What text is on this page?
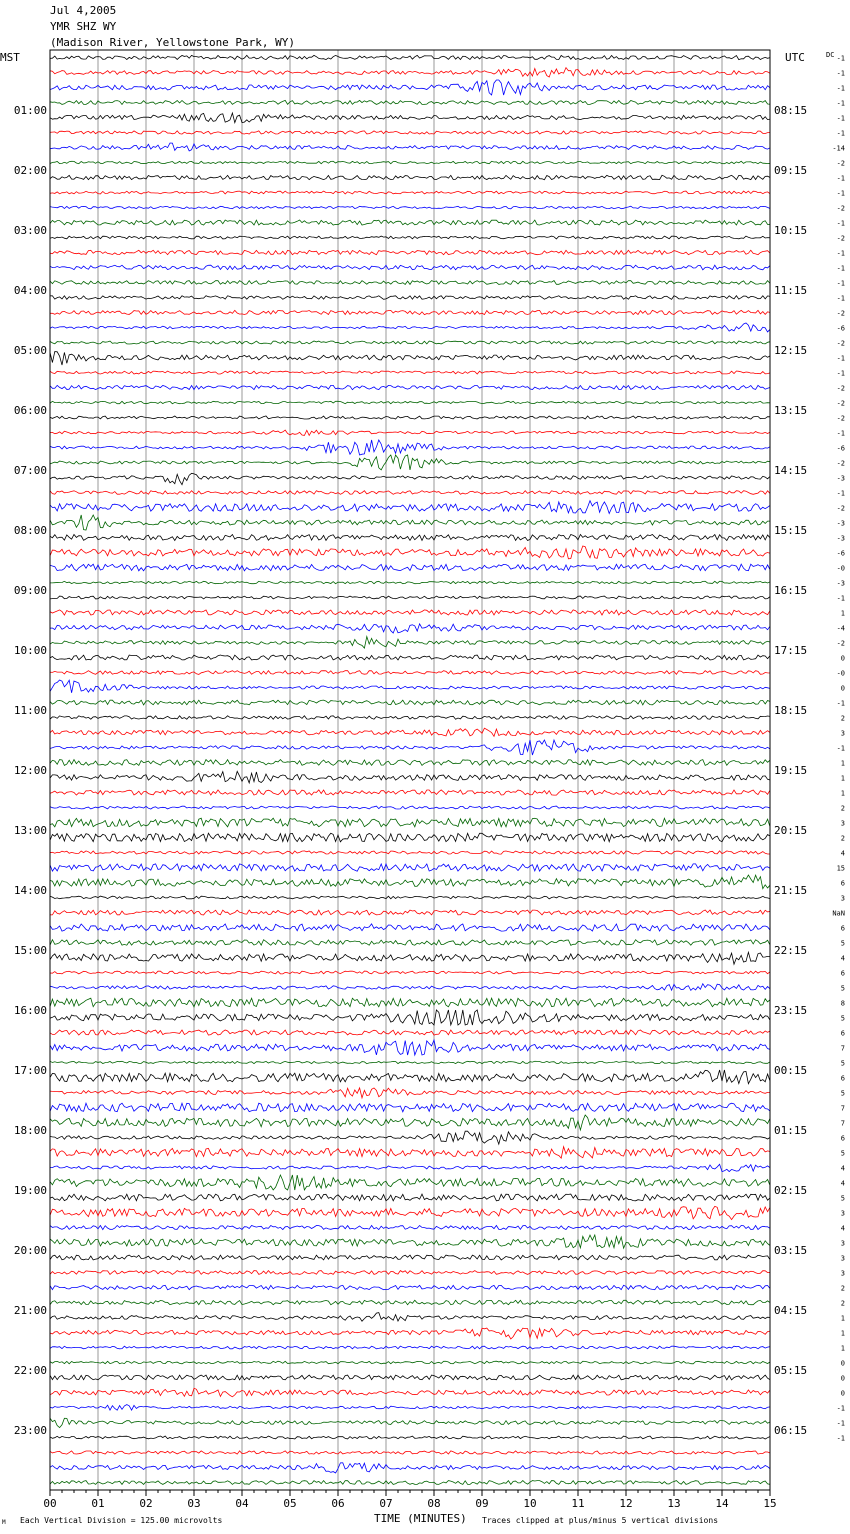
Jul 4,2005
YMR SHZ WY
(Madison River, Yellowstone Park, WY)
M
-1
-1
-1
-1
-1
-1
-14
-2
-1
-1
-2
-1
-2
-1
-1
-1
-1
-2
-6
-2
-1
-1
-2
-2
-2
-1
-6
-2
-3
-1
-2
-3
-3
-6
-0
-3
-1
1
-4
-2
0
-0
0
-1
2
3
-1
1
1
1
2
3
2
4
15
6
3
NaN
6
5
4
6
5
8
5
6
7
5
6
5
7
7
6
5
4
4
5
3
4
3
3
3
2
2
1
1
1
0
0
0
-1
-1
-1
01:00
02:00
03:00
04:00
05:00
06:00
07:00
08:00
09:00
10:00
11:00
12:00
13:00
14:00
15:00
16:00
17:00
18:00
19:00
20:00
21:00
22:00
23:00
08:15
09:15
10:15
11:15
12:15
13:15
14:15
15:15
16:15
17:15
18:15
19:15
20:15
21:15
22:15
23:15
00:15
01:15
02:15
03:15
04:15
05:15
06:15
MST	UTC	DC
00	01	02	03	04	05	06	07	08	09	10	11	12	13	14	15
Each Vertical Division = 125.00 microvolts	TIME (MINUTES) Traces clipped at plus/minus 5 vertical divisions
